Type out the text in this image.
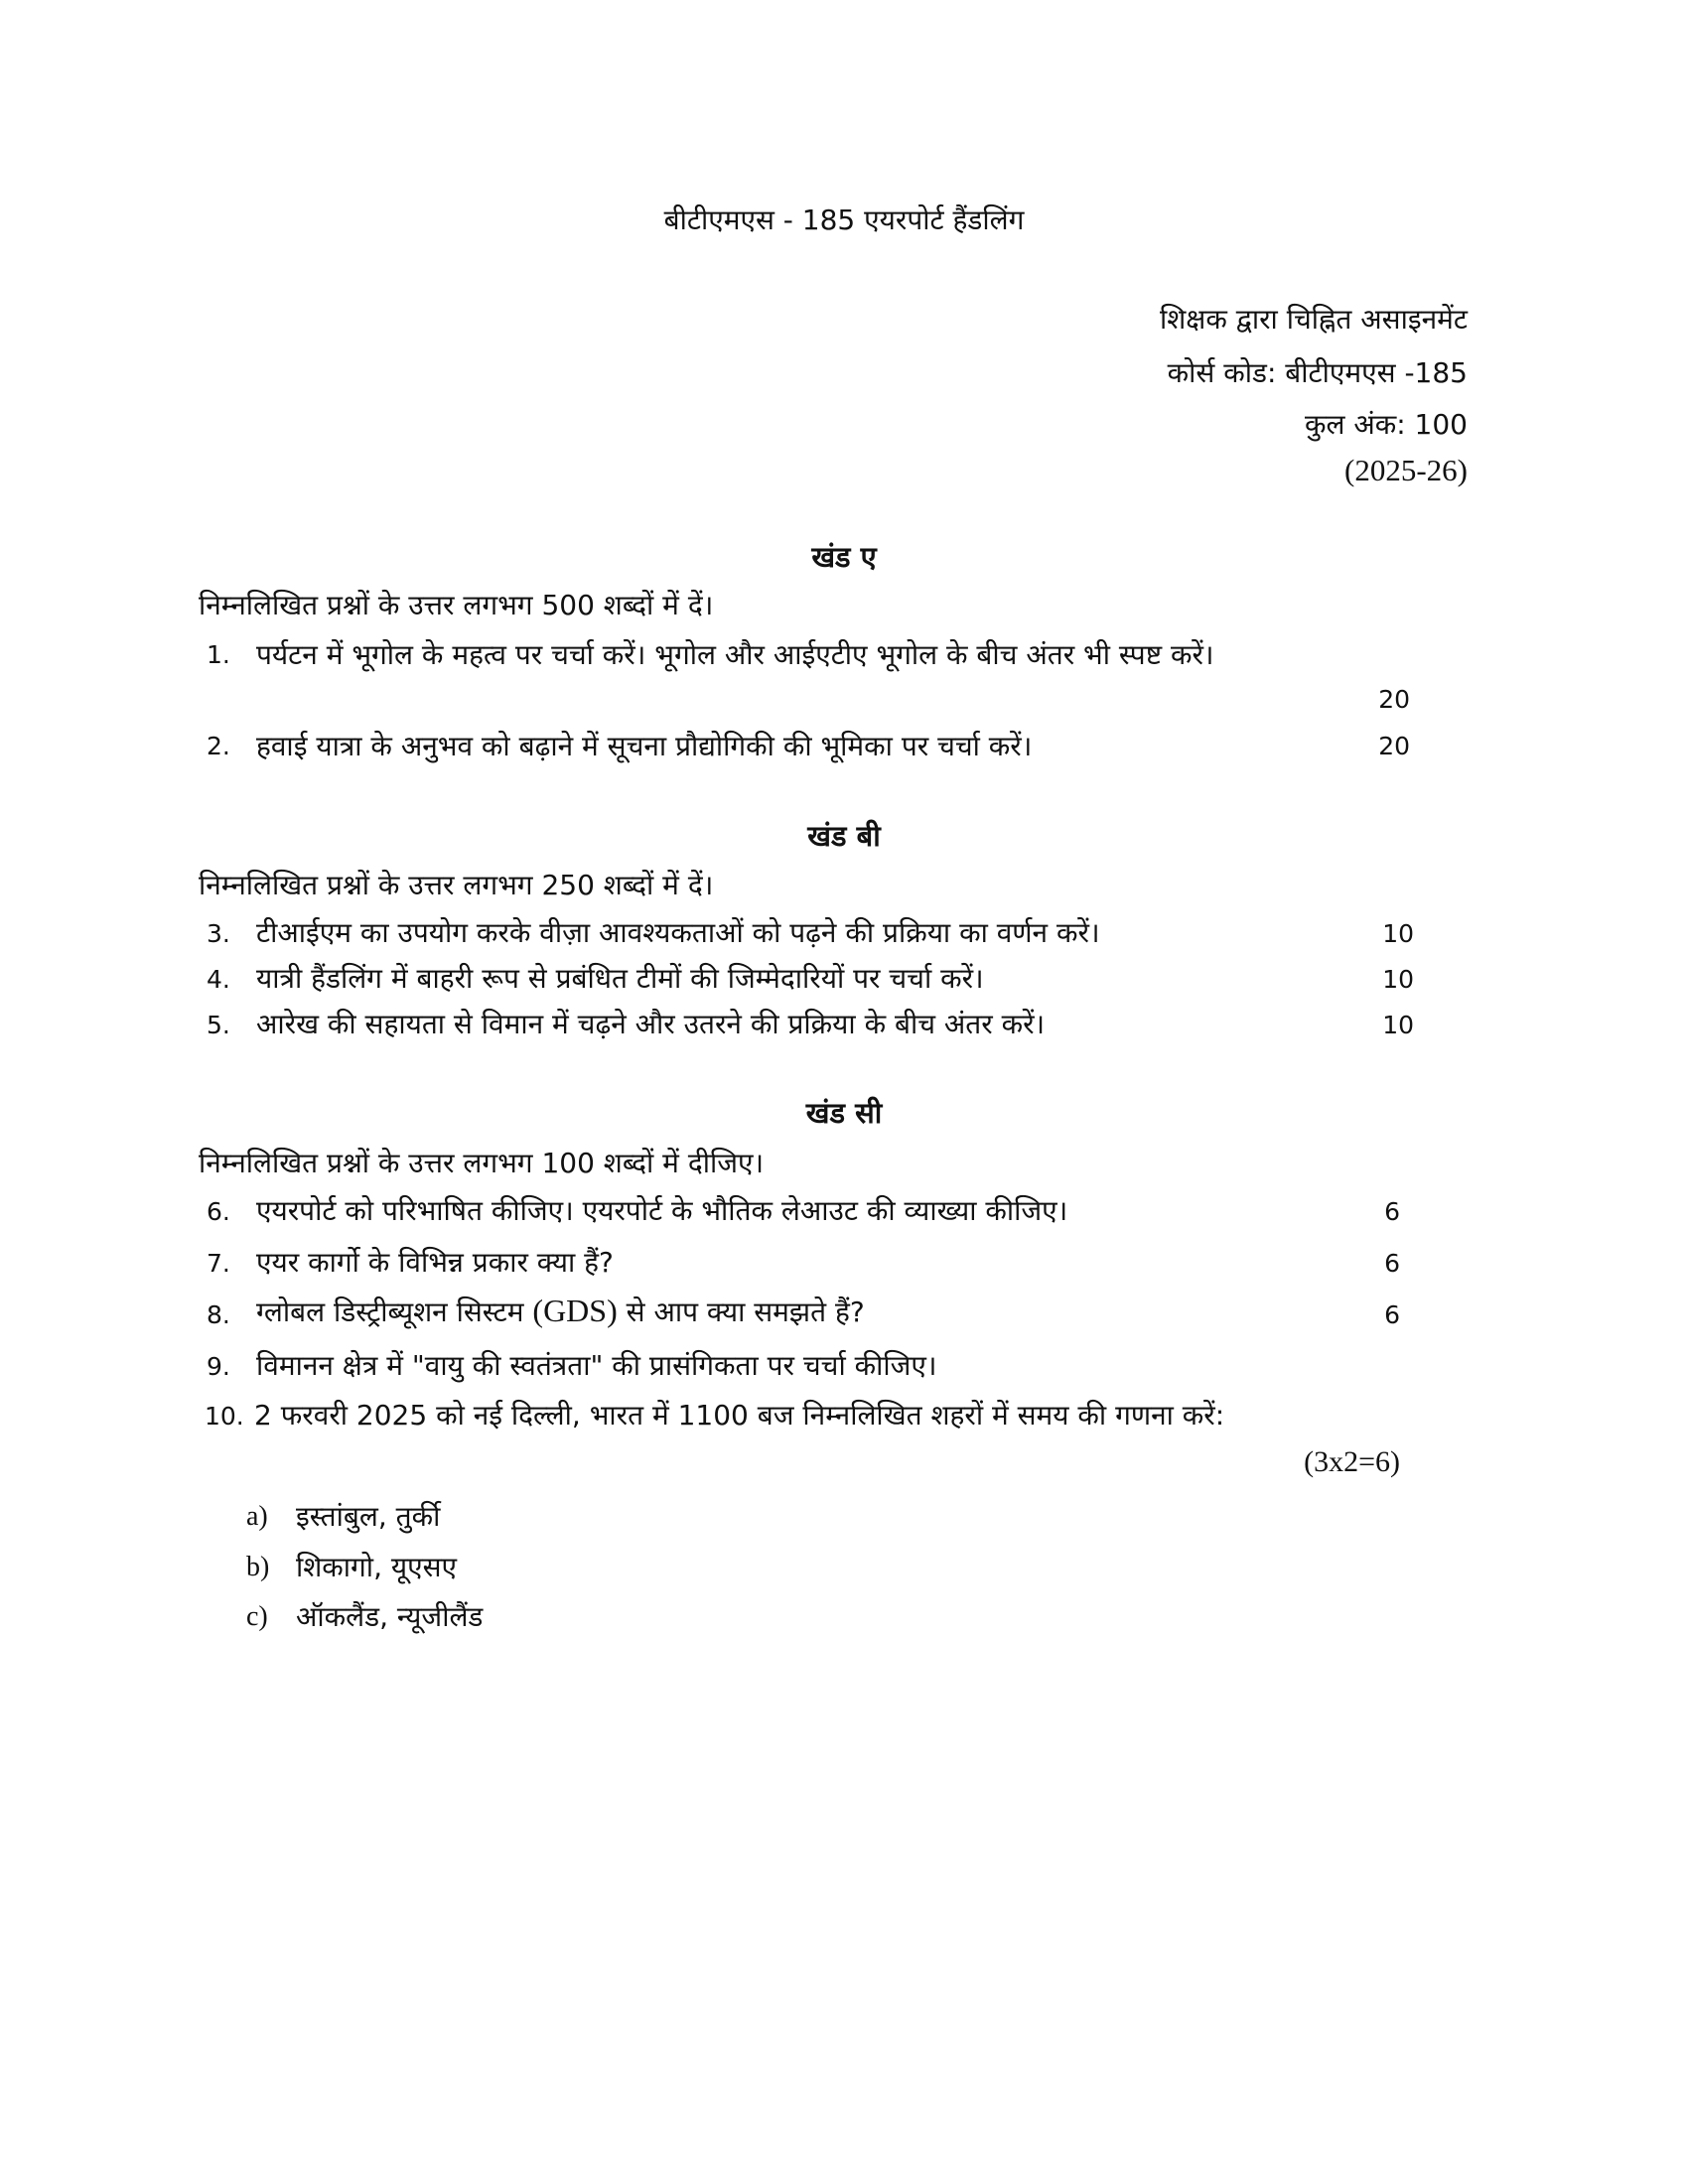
बीटीएमएस - 185 एयरपोर्ट हैंडलिंग
शिक्षक द्वारा चिह्नित असाइनमेंट
कोर्स कोड: बीटीएमएस -185
कुल अंक: 100
(2025-26)
खंड ए
निम्नलिखित प्रश्नों के उत्तर लगभग 500 शब्दों में दें।
1. पर्यटन में भूगोल के महत्व पर चर्चा करें। भूगोल और आईएटीए भूगोल के बीच अंतर भी स्पष्ट करें।
20
2. हवाई यात्रा के अनुभव को बढ़ाने में सूचना प्रौद्योगिकी की भूमिका पर चर्चा करें।	20
खंड बी
निम्नलिखित प्रश्नों के उत्तर लगभग 250 शब्दों में दें।
3. टीआईएम का उपयोग करके वीज़ा आवश्यकताओं को पढ़ने की प्रक्रिया का वर्णन करें।	10
4. यात्री हैंडलिंग में बाहरी रूप से प्रबंधित टीमों की जिम्मेदारियों पर चर्चा करें।	10
5. आरेख की सहायता से विमान में चढ़ने और उतरने की प्रक्रिया के बीच अंतर करें।	10
खंड सी
निम्नलिखित प्रश्नों के उत्तर लगभग 100 शब्दों में दीजिए।
6. एयरपोर्ट को परिभाषित कीजिए। एयरपोर्ट के भौतिक लेआउट की व्याख्या कीजिए।	6
7. एयर कार्गो के विभिन्न प्रकार क्या हैं?	6
8. ग्लोबल डिस्ट्रीब्यूशन सिस्टम (GDS) से आप क्या समझते हैं?	6
9. विमानन क्षेत्र में "वायु की स्वतंत्रता" की प्रासंगिकता पर चर्चा कीजिए।
10. 2 फरवरी 2025 को नई दिल्ली, भारत में 1100 बज निम्नलिखित शहरों में समय की गणना करें:
(3x2=6)
a) इस्तांबुल, तुर्की
b) शिकागो, यूएसए
c) ऑकलैंड, न्यूजीलैंड
